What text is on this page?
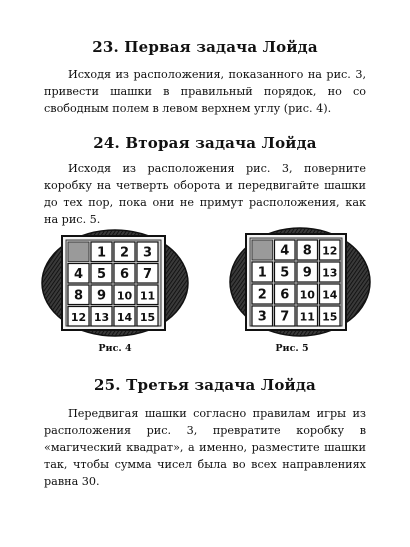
23. Первая задача Лойда

Исходя из расположения, показанного на рис. 3, привести шашки в правильный порядок, но со свободным полем в левом верхнем углу (рис. 4).

24. Вторая задача Лойда

Исходя из расположения рис. 3, поверните коробку на четверть оборота и передвигайте шашки до тех пор, пока они не примут расположения, как на рис. 5.

1 2 3
4 5 6 7
8 9 10 11
12 13 14 15
Рис. 4
4 8 12
1 5 9 13
2 6 10 14
3 7 11 15
Рис. 5
25. Третья задача Лойда

Передвигая шашки согласно правилам игры из расположения рис. 3, превратите коробку в «магический квадрат», а именно, разместите шашки так, чтобы сумма чисел была во всех направлениях равна 30.
